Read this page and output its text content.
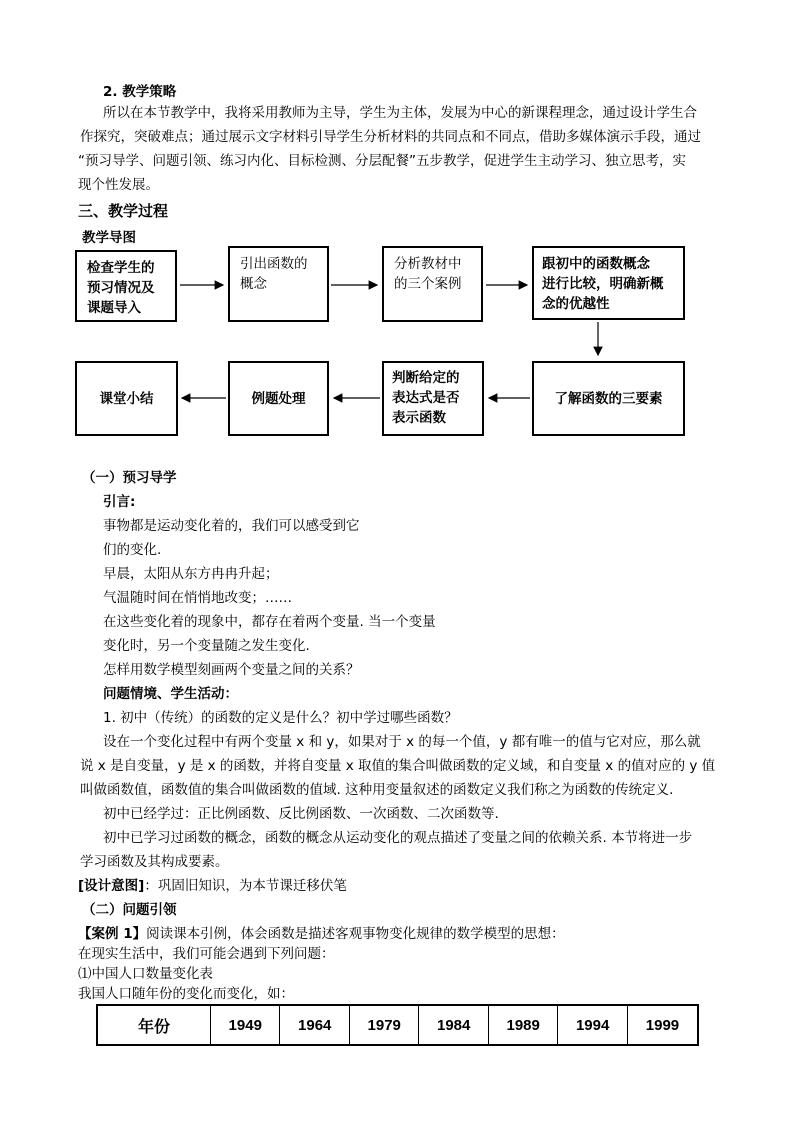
2. 教学策略
所以在本节教学中，我将采用教师为主导，学生为主体，发展为中心的新课程理念，通过设计学生合
作探究，突破难点；通过展示文字材料引导学生分析材料的共同点和不同点，借助多媒体演示手段，通过
“预习导学、问题引领、练习内化、目标检测、分层配餐”五步教学，促进学生主动学习、独立思考，实
现个性发展。
三、教学过程
教学导图
检查学生的
预习情况及
课题导入
引出函数的
概念
分析教材中
的三个案例
跟初中的函数概念
进行比较，明确新概
念的优越性
课堂小结	例题处理
判断给定的
表达式是否
表示函数
了解函数的三要素
（一）预习导学
引言:
事物都是运动变化着的，我们可以感受到它
们的变化.
早晨，太阳从东方冉冉升起；
气温随时间在悄悄地改变；……
在这些变化着的现象中，都存在着两个变量. 当一个变量
变化时，另一个变量随之发生变化.
怎样用数学模型刻画两个变量之间的关系？
问题情境、学生活动：
1. 初中（传统）的函数的定义是什么？初中学过哪些函数？
设在一个变化过程中有两个变量 x 和 y，如果对于 x 的每一个值，y 都有唯一的值与它对应，那么就
说 x 是自变量，y 是 x 的函数，并将自变量 x 取值的集合叫做函数的定义域，和自变量 x 的值对应的 y 值
叫做函数值，函数值的集合叫做函数的值域. 这种用变量叙述的函数定义我们称之为函数的传统定义.
初中已经学过：正比例函数、反比例函数、一次函数、二次函数等.
初中已学习过函数的概念，函数的概念从运动变化的观点描述了变量之间的依赖关系. 本节将进一步
学习函数及其构成要素。
[设计意图]：巩固旧知识，为本节课迁移伏笔
（二）问题引领
【案例 1】阅读课本引例，体会函数是描述客观事物变化规律的数学模型的思想：
在现实生活中，我们可能会遇到下列问题：
⑴中国人口数量变化表
我国人口随年份的变化而变化，如：
年份	1949	1964	1979	1984	1989	1994	1999
